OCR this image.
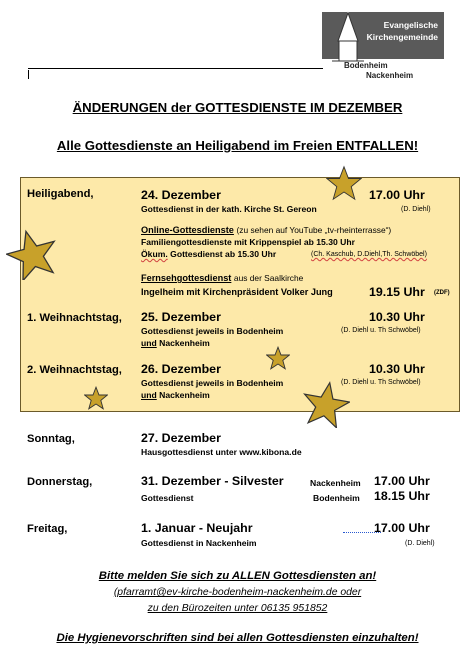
Evangelische
Kirchengemeinde
Bodenheim
Nackenheim
ÄNDERUNGEN der GOTTESDIENSTE IM DEZEMBER
Alle Gottesdienste an Heiligabend im Freien ENTFALLEN!
Heiligabend,	24. Dezember	17.00 Uhr
Gottesdienst in der kath. Kirche St. Gereon	(D. Diehl)
Online-Gottesdienste (zu sehen auf YouTube „tv-rheinterrasse“)
Familiengottesdienste mit Krippenspiel ab 15.30 Uhr
Ökum. Gottesdienst ab 15.30 Uhr	(Ch. Kaschub, D.Diehl,Th. Schwöbel)
Fernsehgottesdienst aus der Saalkirche
Ingelheim mit Kirchenpräsident Volker Jung	19.15 Uhr (ZDF)
1. Weihnachtstag, 25. Dezember	10.30 Uhr
Gottesdienst jeweils in Bodenheim	(D. Diehl u. Th Schwöbel)
und Nackenheim
2. Weihnachtstag, 26. Dezember	10.30 Uhr
Gottesdienst jeweils in Bodenheim	(D. Diehl u. Th Schwöbel)
und Nackenheim
Sonntag,	27. Dezember
Hausgottesdienst unter www.kibona.de
Donnerstag,	31. Dezember - Silvester	Nackenheim 17.00 Uhr
Gottesdienst	Bodenheim 18.15 Uhr
Freitag,	1. Januar - Neujahr	17.00 Uhr
Gottesdienst in Nackenheim	(D. Diehl)
Bitte melden Sie sich zu ALLEN Gottesdiensten an!
(pfarramt@ev-kirche-bodenheim-nackenheim.de oder
zu den Bürozeiten unter 06135 951852
Die Hygienevorschriften sind bei allen Gottesdiensten einzuhalten!
